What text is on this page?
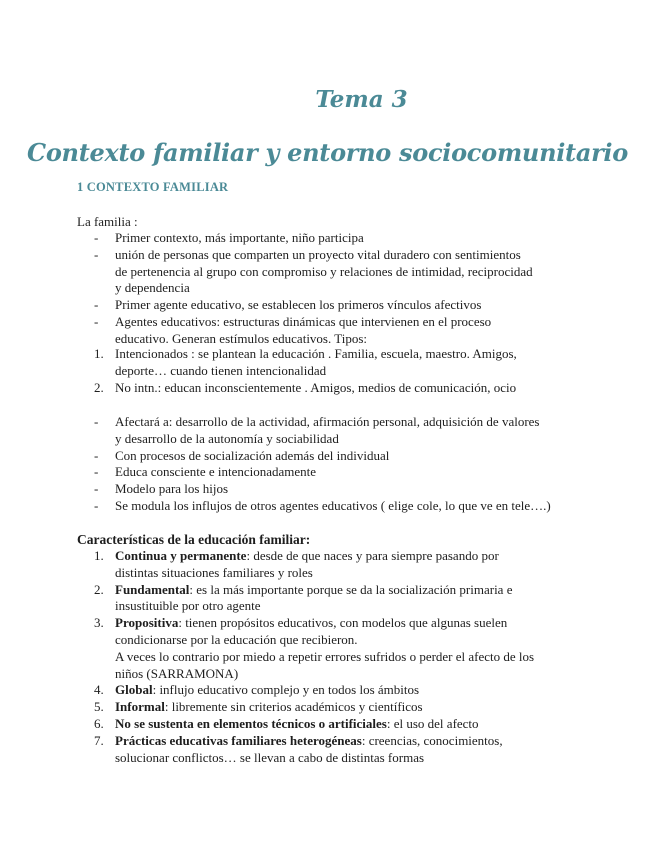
Tema 3
Contexto familiar y entorno sociocomunitario
1 CONTEXTO FAMILIAR

La familia :

- Primer contexto, más importante, niño participa
- unión de personas que comparten un proyecto vital duradero con sentimientos
de pertenencia al grupo con compromiso y relaciones de intimidad, reciprocidad
y dependencia
- Primer agente educativo, se establecen los primeros vínculos afectivos
- Agentes educativos: estructuras dinámicas que intervienen en el proceso
educativo. Generan estímulos educativos. Tipos:
1. Intencionados : se plantean la educación . Familia, escuela, maestro. Amigos,
deporte… cuando tienen intencionalidad
2. No intn.: educan inconscientemente . Amigos, medios de comunicación, ocio
- Afectará a: desarrollo de la actividad, afirmación personal, adquisición de valores
y desarrollo de la autonomía y sociabilidad
- Con procesos de socialización además del individual
- Educa consciente e intencionadamente
- Modelo para los hijos
- Se modula los influjos de otros agentes educativos ( elige cole, lo que ve en tele….)

Características de la educación familiar:

1. Continua y permanente: desde de que naces y para siempre pasando por
distintas situaciones familiares y roles
2. Fundamental: es la más importante porque se da la socialización primaria e
insustituible por otro agente
3. Propositiva: tienen propósitos educativos, con modelos que algunas suelen
condicionarse por la educación que recibieron.
A veces lo contrario por miedo a repetir errores sufridos o perder el afecto de los
niños (SARRAMONA)
4. Global: influjo educativo complejo y en todos los ámbitos
5. Informal: libremente sin criterios académicos y científicos
6. No se sustenta en elementos técnicos o artificiales: el uso del afecto
7. Prácticas educativas familiares heterogéneas: creencias, conocimientos,
solucionar conflictos… se llevan a cabo de distintas formas
